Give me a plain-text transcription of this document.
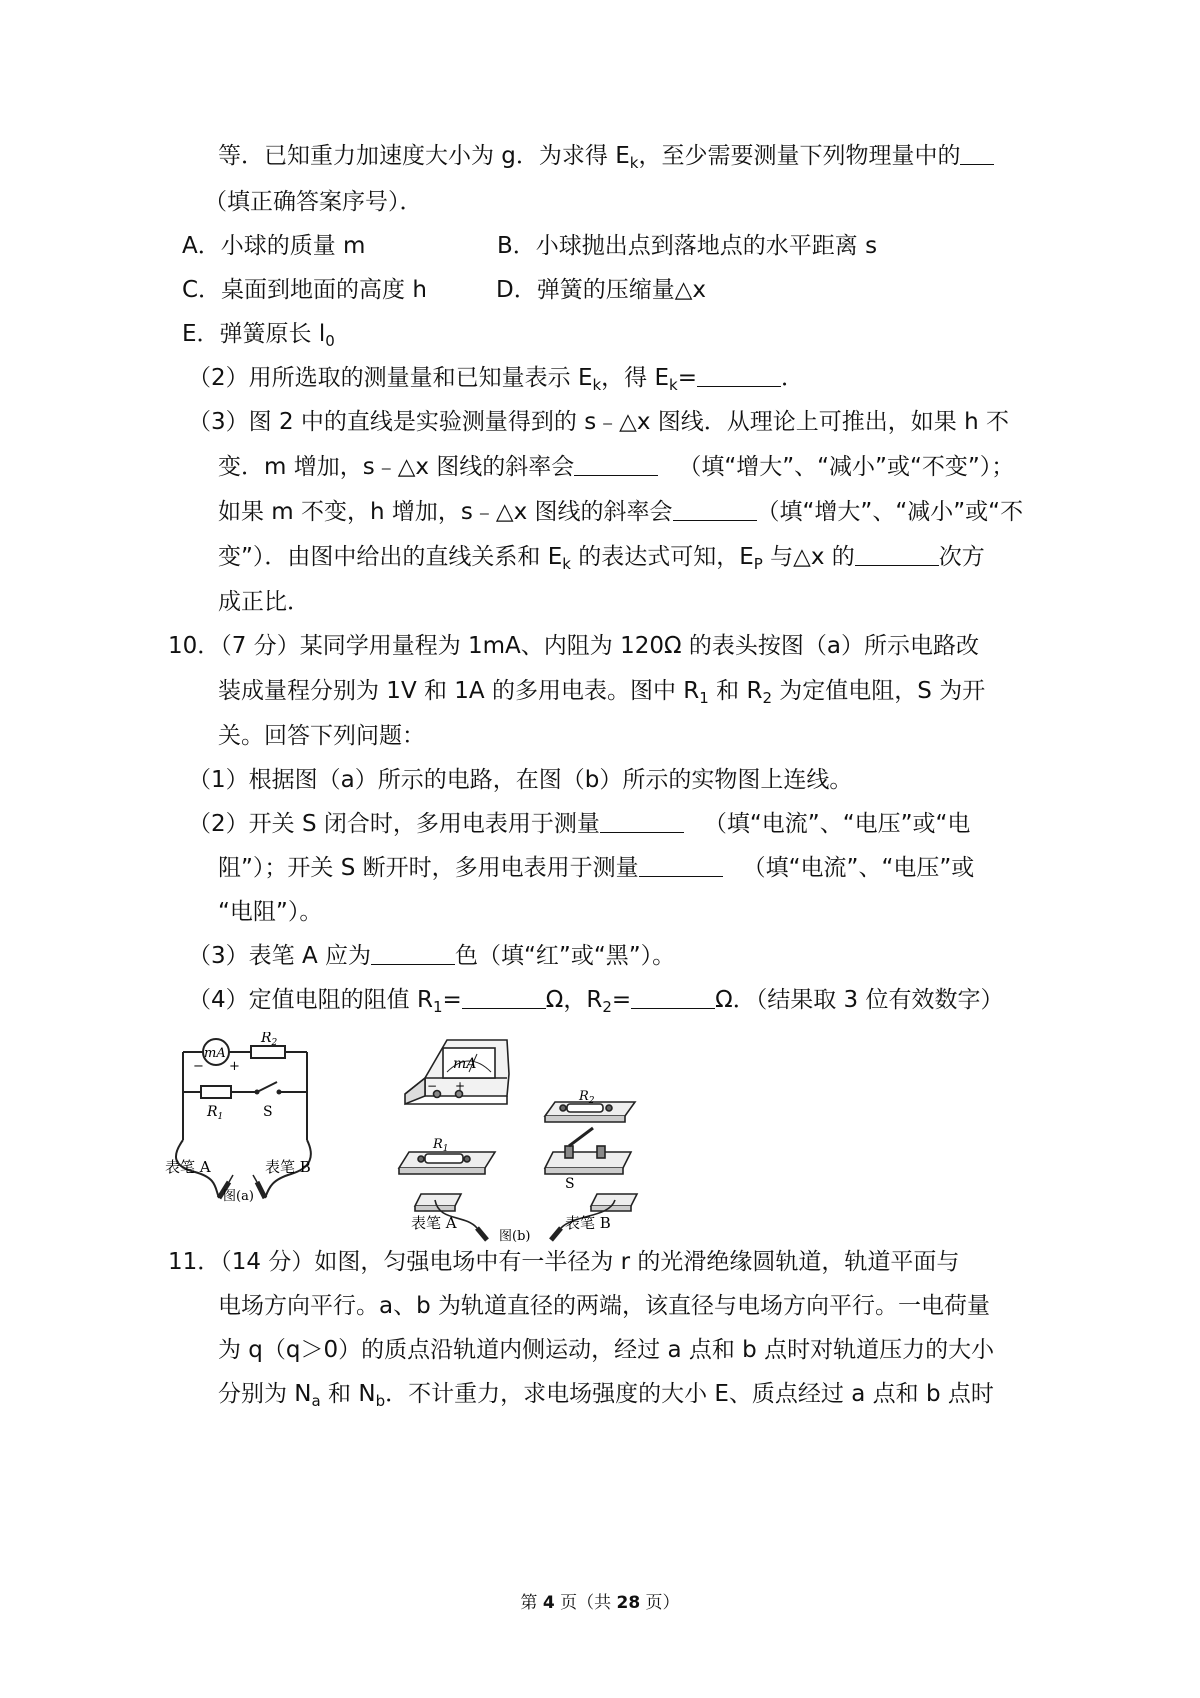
等．已知重力加速度大小为 g．为求得 $E_k$，至少需要测量下列物理量中的
（填正确答案序号）．
A．小球的质量 m	B．小球抛出点到落地点的水平距离 s
C．桌面到地面的高度 h	D．弹簧的压缩量△x
E．弹簧原长 $l_0$
（2）用所选取的测量量和已知量表示 $E_k$，得 $E_k=$	．
（3）图 2 中的直线是实验测量得到的 s﹣△x 图线．从理论上可推出，如果 h 不
变．m 增加，s﹣△x 图线的斜率会	（填“增大”、“减小”或“不变”）；
如果 m 不变，h 增加，s﹣△x 图线的斜率会	（填“增大”、“减小”或“不
变”）．由图中给出的直线关系和 $E_k$ 的表达式可知，$E_P$ 与△x 的	次方
成正比．
10．（7 分）某同学用量程为 1mA、内阻为 120Ω 的表头按图（a）所示电路改
装成量程分别为 1V 和 1A 的多用电表。图中 $R_1$ 和 $R_2$ 为定值电阻，S 为开
关。回答下列问题：
（1）根据图（a）所示的电路，在图（b）所示的实物图上连线。
（2）开关 S 闭合时，多用电表用于测量	（填“电流”、“电压”或“电
阻”）；开关 S 断开时，多用电表用于测量	（填“电流”、“电压”或
“电阻”）。
（3）表笔 A 应为	色（填“红”或“黑”）。
（4）定值电阻的阻值 $R_1=$	Ω，$R_2=$	Ω．（结果取 3 位有效数字）
mA
− +
$R_2$
$R_1$	S
表笔 A	表笔 B
图(a)
mA
− +
$R_2$
$R_1$
S
表笔 A	表笔 B
图(b)
11．（14 分）如图，匀强电场中有一半径为 r 的光滑绝缘圆轨道，轨道平面与
电场方向平行。a、b 为轨道直径的两端，该直径与电场方向平行。一电荷量
为 q（q＞0）的质点沿轨道内侧运动，经过 a 点和 b 点时对轨道压力的大小
分别为 $N_a$ 和 $N_b$．不计重力，求电场强度的大小 E、质点经过 a 点和 b 点时
第 4 页（共 28 页）
